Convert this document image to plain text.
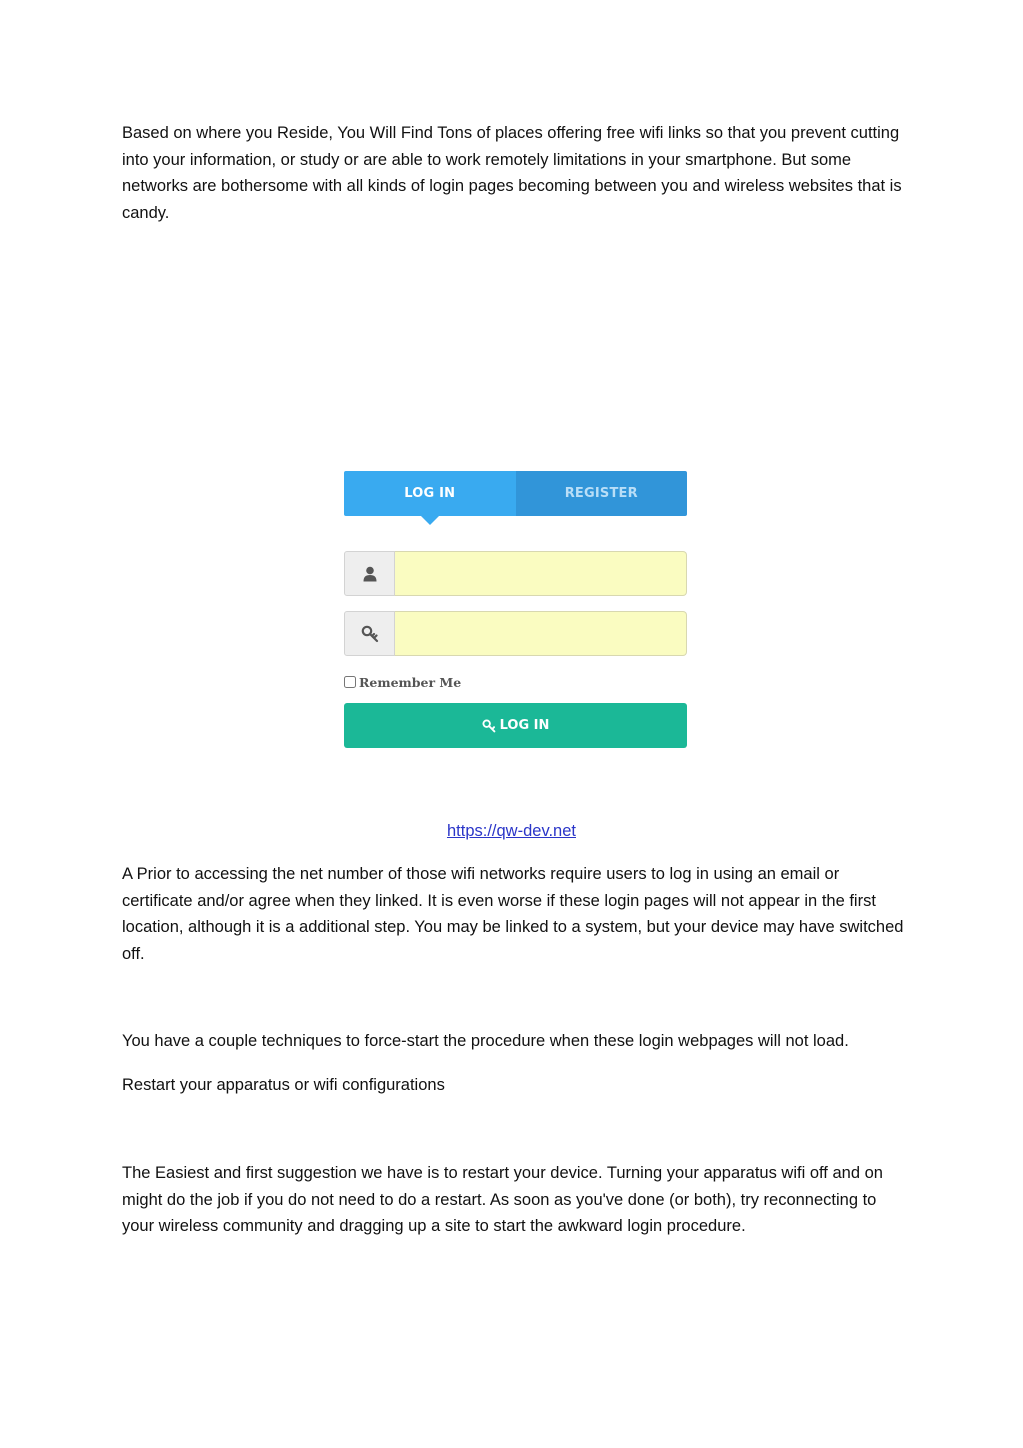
Based on where you Reside, You Will Find Tons of places offering free wifi links so that you prevent cutting into your information, or study or are able to work remotely limitations in your smartphone. But some networks are bothersome with all kinds of login pages becoming between you and wireless websites that is candy.

LOG IN	REGISTER
Remember Me
LOG IN
https://qw-dev.net

A Prior to accessing the net number of those wifi networks require users to log in using an email or certificate and/or agree when they linked. It is even worse if these login pages will not appear in the first location, although it is a additional step. You may be linked to a system, but your device may have switched off.

You have a couple techniques to force-start the procedure when these login webpages will not load.

Restart your apparatus or wifi configurations

The Easiest and first suggestion we have is to restart your device. Turning your apparatus wifi off and on might do the job if you do not need to do a restart. As soon as you've done (or both), try reconnecting to your wireless community and dragging up a site to start the awkward login procedure.
